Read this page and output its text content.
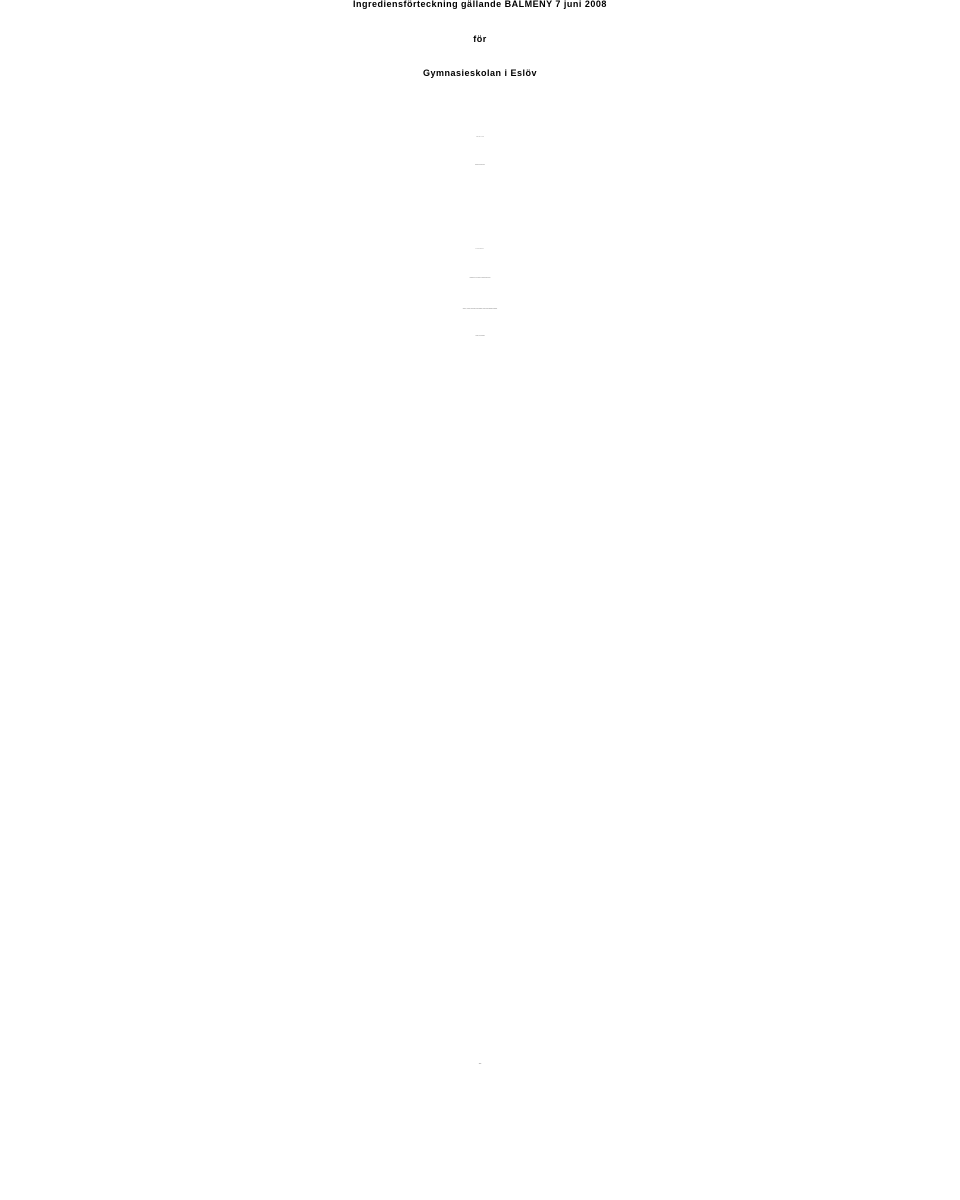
Ingrediensförteckning gällande BALMENY 7 juni 2008
för
Gymnasieskolan i Eslöv
Fördrink
Ett glas mousserande
Förrätter
Färskrökt lax med sallad på försommarprimörer
(Rökt lax ,sparris, sockerärtor, babymorötter, creme fraiche dijonsenap olivolja,
vinäger, salt, peppar)
OBS!
